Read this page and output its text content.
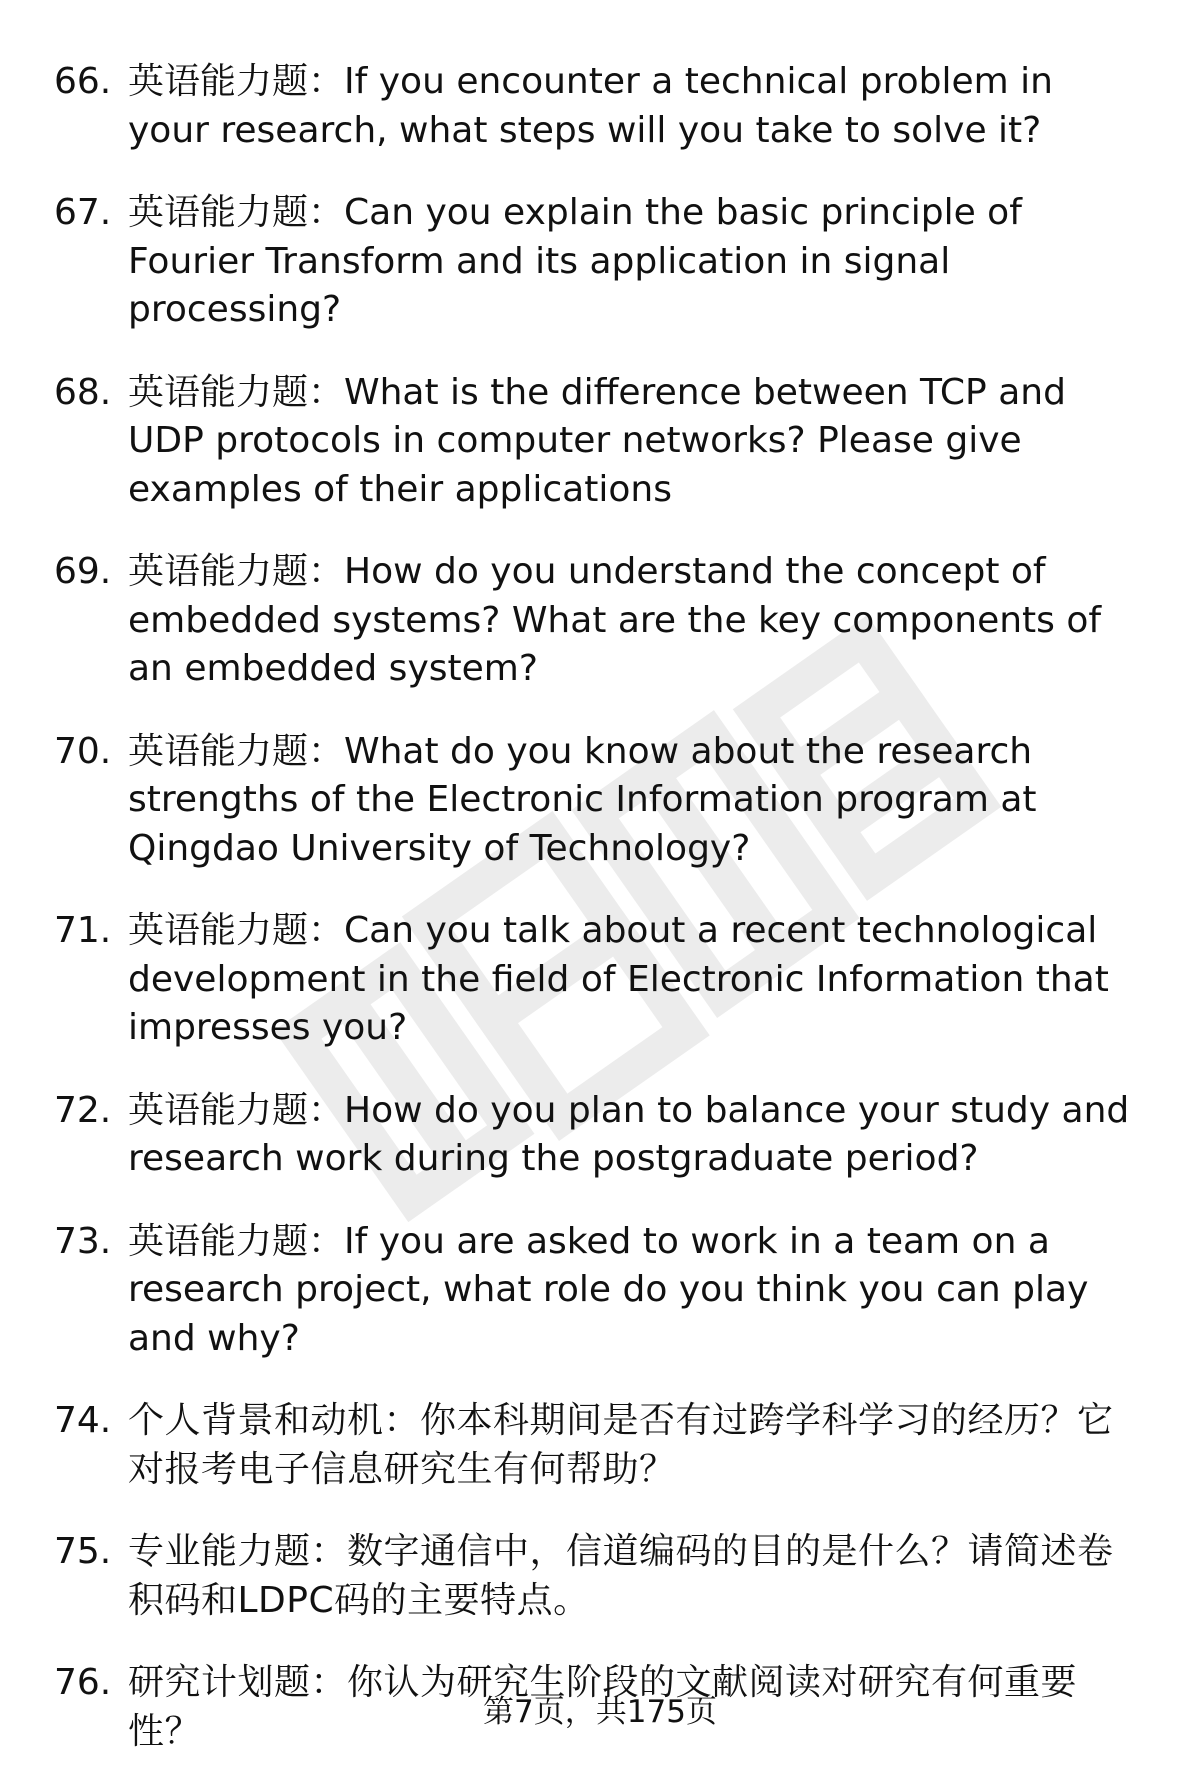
66. 英语能力题：If you encounter a technical problem in your research, what steps will you take to solve it?
67. 英语能力题：Can you explain the basic principle of Fourier Transform and its application in signal processing?
68. 英语能力题：What is the difference between TCP and UDP protocols in computer networks? Please give examples of their applications
69. 英语能力题：How do you understand the concept of embedded systems? What are the key components of an embedded system?
70. 英语能力题：What do you know about the research strengths of the Electronic Information program at Qingdao University of Technology?
71. 英语能力题：Can you talk about a recent technological development in the field of Electronic Information that impresses you?
72. 英语能力题：How do you plan to balance your study and research work during the postgraduate period?
73. 英语能力题：If you are asked to work in a team on a research project, what role do you think you can play and why?
74. 个人背景和动机：你本科期间是否有过跨学科学习的经历？它对报考电子信息研究生有何帮助？
75. 专业能力题：数字通信中，信道编码的目的是什么？请简述卷积码和LDPC码的主要特点。
76. 研究计划题：你认为研究生阶段的文献阅读对研究有何重要性？	第7页，共175页
